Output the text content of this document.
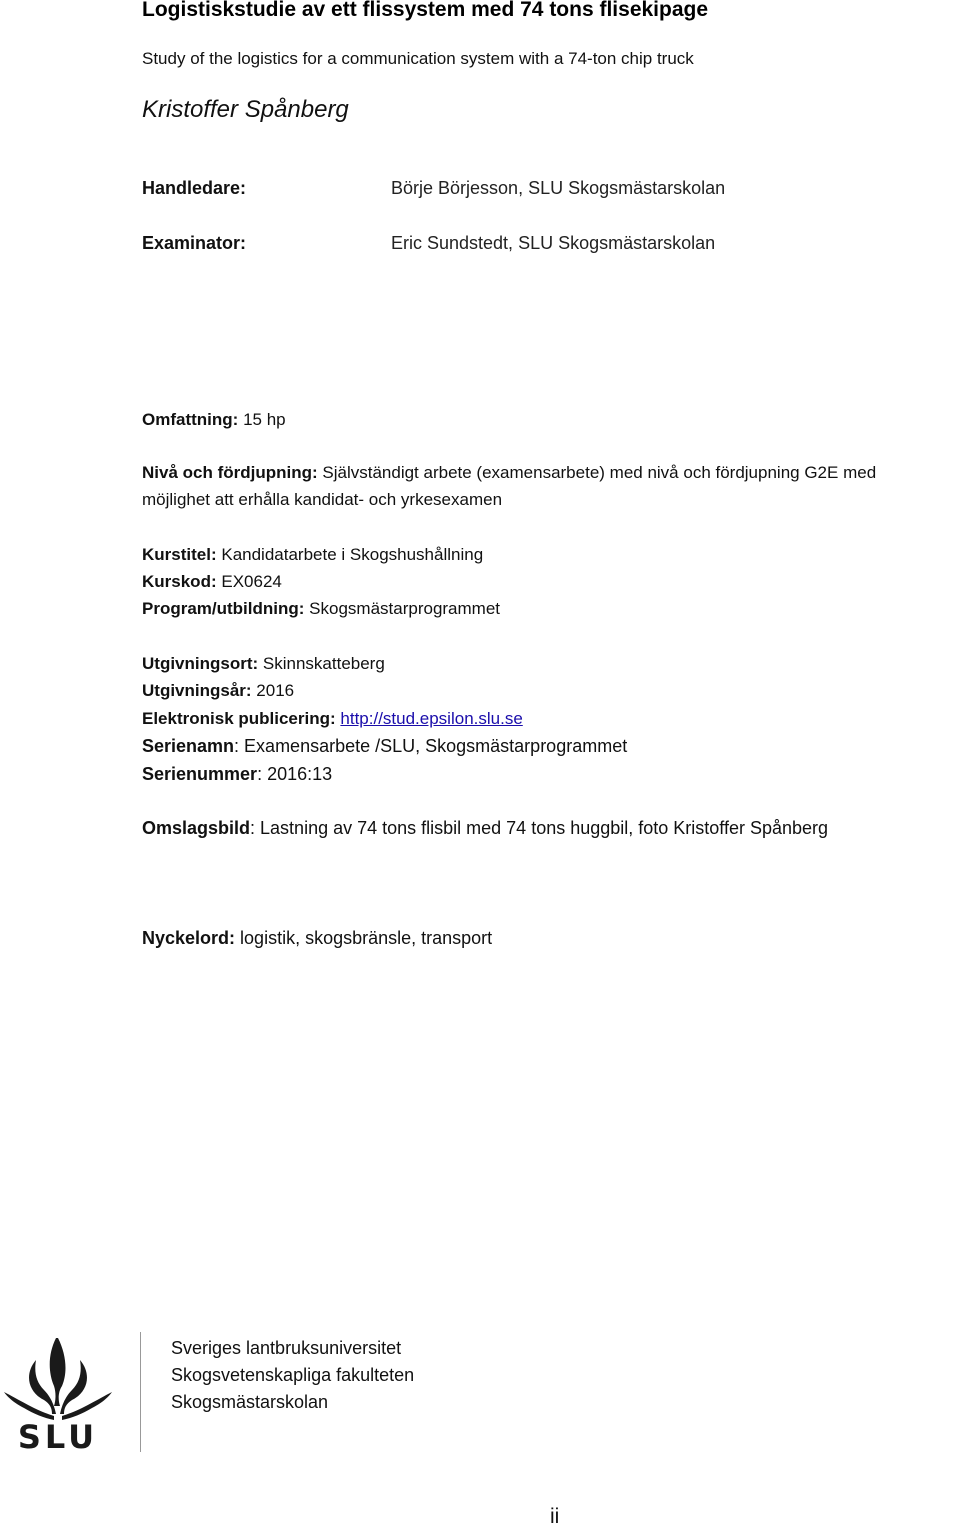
Logistiskstudie av ett flissystem med 74 tons flisekipage
Study of the logistics for a communication system with a 74-ton chip truck
Kristoffer Spånberg
Handledare:	Börje Börjesson, SLU Skogsmästarskolan
Examinator:	Eric Sundstedt, SLU Skogsmästarskolan
Omfattning: 15 hp
Nivå och fördjupning: Självständigt arbete (examensarbete) med nivå och fördjupning G2E med
möjlighet att erhålla kandidat- och yrkesexamen
Kurstitel: Kandidatarbete i Skogshushållning
Kurskod: EX0624
Program/utbildning: Skogsmästarprogrammet
Utgivningsort: Skinnskatteberg
Utgivningsår: 2016
Elektronisk publicering: http://stud.epsilon.slu.se
Serienamn: Examensarbete /SLU, Skogsmästarprogrammet
Serienummer: 2016:13
Omslagsbild: Lastning av 74 tons flisbil med 74 tons huggbil, foto Kristoffer Spånberg
Nyckelord: logistik, skogsbränsle, transport
SLU
Sveriges lantbruksuniversitet
Skogsvetenskapliga fakulteten
Skogsmästarskolan
ii
